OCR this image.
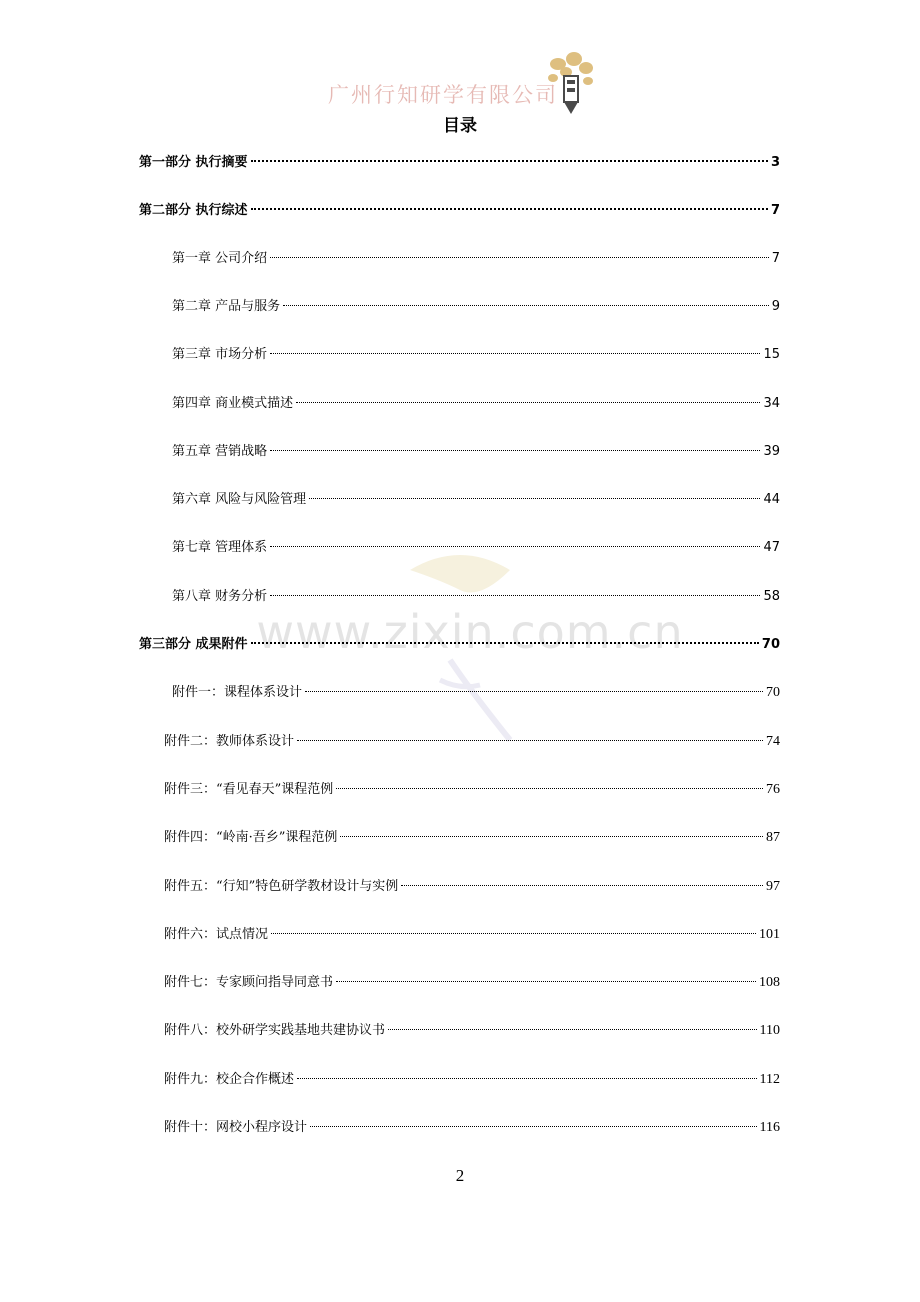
广州行知研学有限公司
目录
www.zixin.com.cn
第一部分 执行摘要	3
第二部分 执行综述	7
第一章 公司介绍	7
第二章 产品与服务	9
第三章 市场分析	15
第四章 商业模式描述	34
第五章 营销战略	39
第六章 风险与风险管理	44
第七章 管理体系	47
第八章 财务分析	58
第三部分 成果附件	70
附件一：课程体系设计	70
附件二：教师体系设计	74
附件三：“看见春天”课程范例	76
附件四：“岭南·吾乡”课程范例	87
附件五：“行知”特色研学教材设计与实例	97
附件六：试点情况	101
附件七：专家顾问指导同意书	108
附件八：校外研学实践基地共建协议书	110
附件九：校企合作概述	112
附件十：网校小程序设计	116
2
